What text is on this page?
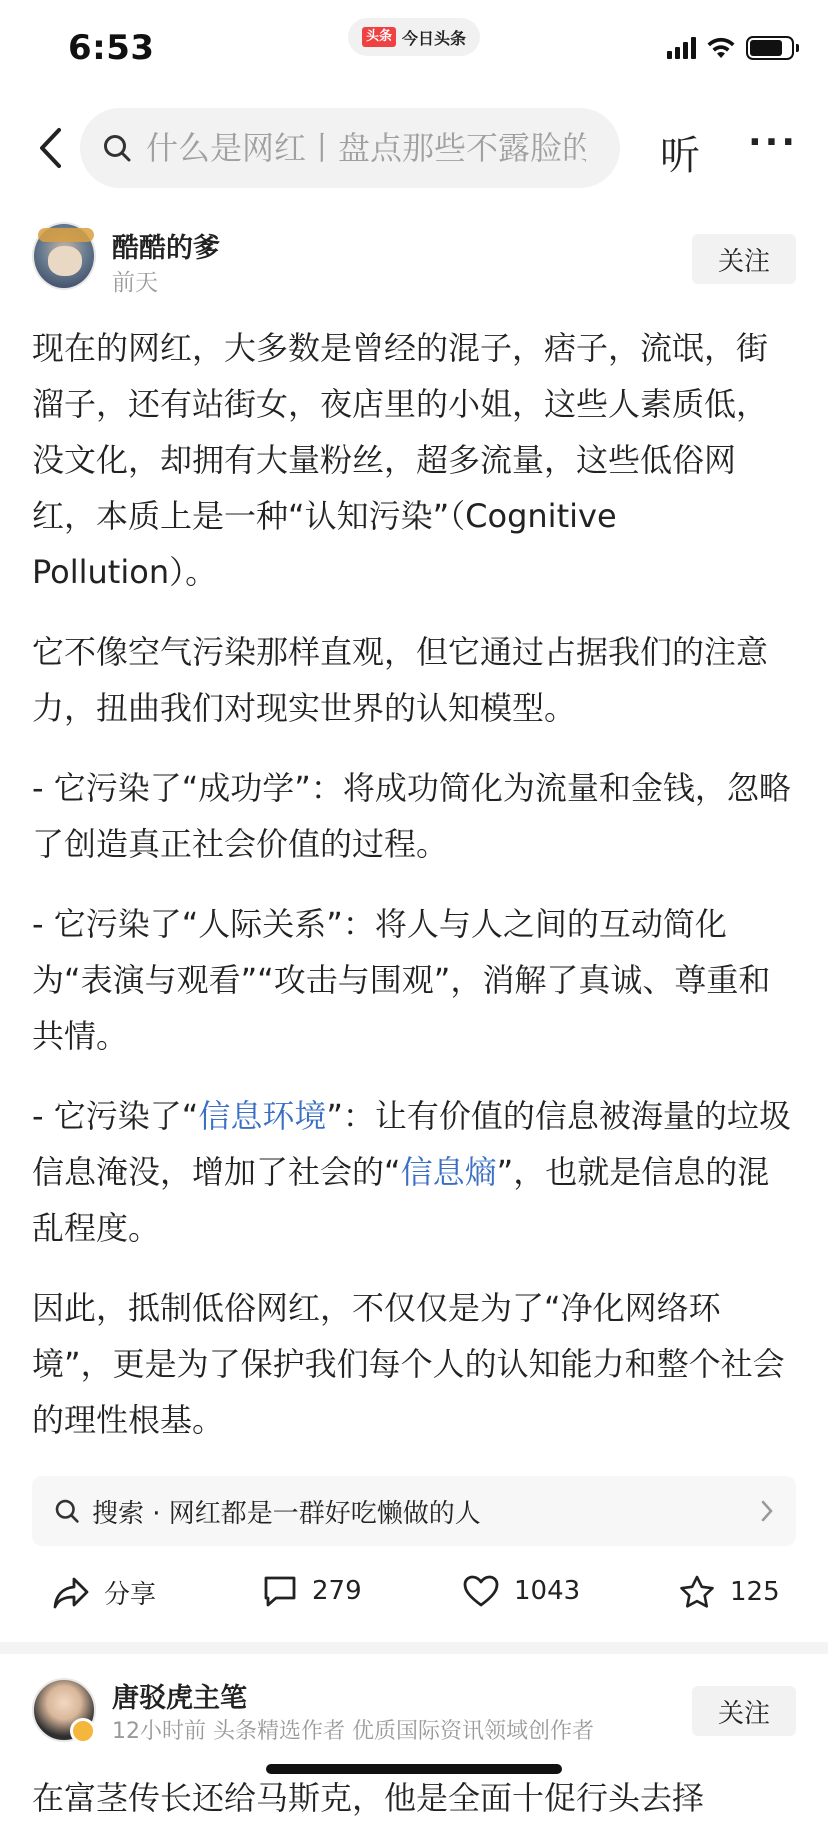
6:53	头条 今日头条
什么是网红丨盘点那些不露脸的
听 ···
酷酷的爹
前天
关注

现在的网红，大多数是曾经的混子，痞子，流氓，街溜子，还有站街女，夜店里的小姐，这些人素质低，没文化，却拥有大量粉丝，超多流量，这些低俗网红，本质上是一种“认知污染”（Cognitive Pollution）。

它不像空气污染那样直观，但它通过占据我们的注意力，扭曲我们对现实世界的认知模型。

- 它污染了“成功学”：将成功简化为流量和金钱，忽略了创造真正社会价值的过程。

- 它污染了“人际关系”：将人与人之间的互动简化为“表演与观看”“攻击与围观”，消解了真诚、尊重和共情。

- 它污染了“信息环境”：让有价值的信息被海量的垃圾信息淹没，增加了社会的“信息熵”，也就是信息的混乱程度。

因此，抵制低俗网红，不仅仅是为了“净化网络环境”，更是为了保护我们每个人的认知能力和整个社会的理性根基。

搜索 · 网红都是一群好吃懒做的人
分享	279	1043	125
唐驳虎主笔
12小时前 头条精选作者 优质国际资讯领域创作者
关注
在富茎传长还给马斯克，他是全面十促行头去择
